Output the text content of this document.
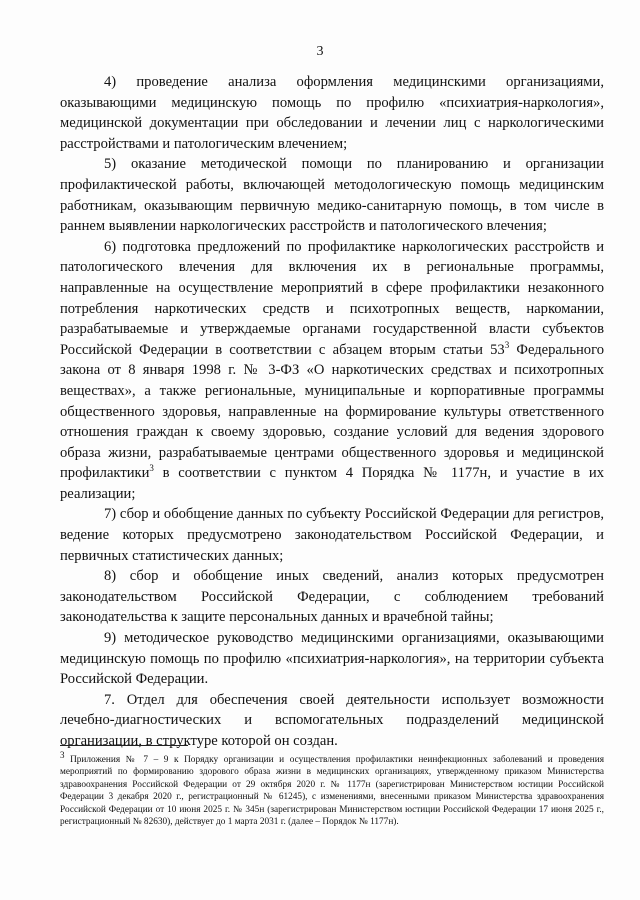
3

4) проведение анализа оформления медицинскими организациями, оказывающими медицинскую помощь по профилю «психиатрия-наркология», медицинской документации при обследовании и лечении лиц с наркологическими расстройствами и патологическим влечением;

5) оказание методической помощи по планированию и организации профилактической работы, включающей методологическую помощь медицинским работникам, оказывающим первичную медико-санитарную помощь, в том числе в раннем выявлении наркологических расстройств и патологического влечения;

6) подготовка предложений по профилактике наркологических расстройств и патологического влечения для включения их в региональные программы, направленные на осуществление мероприятий в сфере профилактики незаконного потребления наркотических средств и психотропных веществ, наркомании, разрабатываемые и утверждаемые органами государственной власти субъектов Российской Федерации в соответствии с абзацем вторым статьи $53^3$ Федерального закона от 8 января 1998 г. № 3-ФЗ «О наркотических средствах и психотропных веществах», а также региональные, муниципальные и корпоративные программы общественного здоровья, направленные на формирование культуры ответственного отношения граждан к своему здоровью, создание условий для ведения здорового образа жизни, разрабатываемые центрами общественного здоровья и медицинской профилактики$^3$ в соответствии с пунктом 4 Порядка № 1177н, и участие в их реализации;

7) сбор и обобщение данных по субъекту Российской Федерации для регистров, ведение которых предусмотрено законодательством Российской Федерации, и первичных статистических данных;

8) сбор и обобщение иных сведений, анализ которых предусмотрен законодательством Российской Федерации, с соблюдением требований законодательства к защите персональных данных и врачебной тайны;

9) методическое руководство медицинскими организациями, оказывающими медицинскую помощь по профилю «психиатрия-наркология», на территории субъекта Российской Федерации.

7. Отдел для обеспечения своей деятельности использует возможности лечебно-диагностических и вспомогательных подразделений медицинской организации, в структуре которой он создан.

$^3$ Приложения № 7 – 9 к Порядку организации и осуществления профилактики неинфекционных заболеваний и проведения мероприятий по формированию здорового образа жизни в медицинских организациях, утвержденному приказом Министерства здравоохранения Российской Федерации от 29 октября 2020 г. № 1177н (зарегистрирован Министерством юстиции Российской Федерации 3 декабря 2020 г., регистрационный № 61245), с изменениями, внесенными приказом Министерства здравоохранения Российской Федерации от 10 июня 2025 г. № 345н (зарегистрирован Министерством юстиции Российской Федерации 17 июня 2025 г., регистрационный № 82630), действует до 1 марта 2031 г. (далее – Порядок № 1177н).
